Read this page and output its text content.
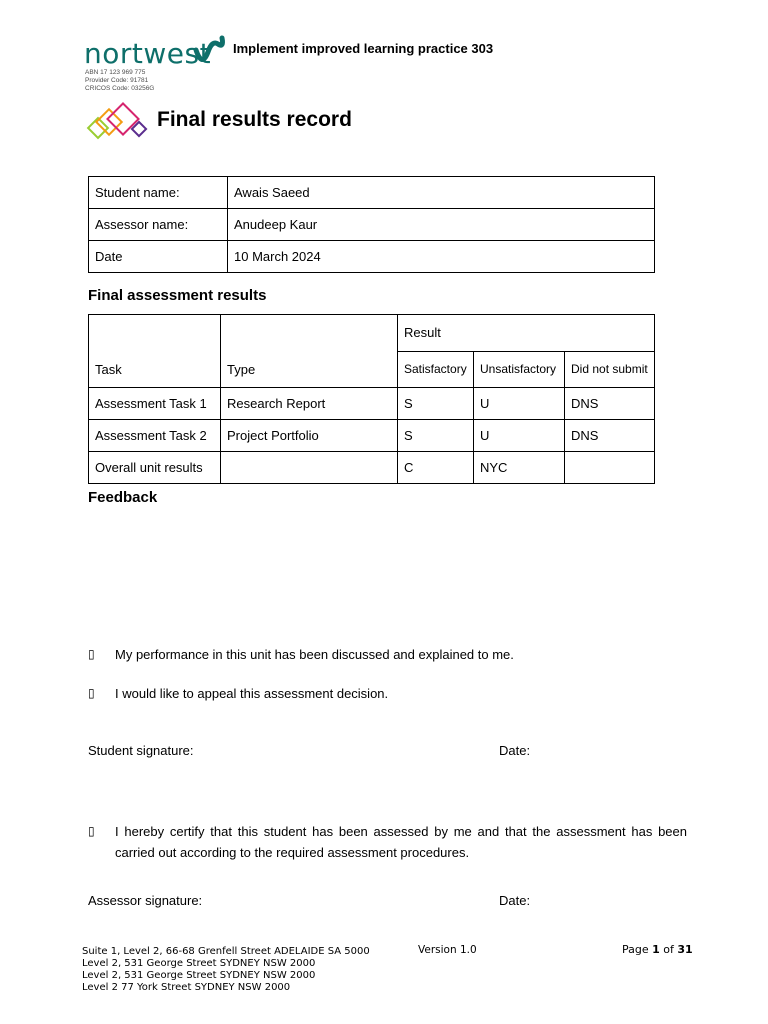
nortwest
ABN 17 123 969 775
Provider Code: 91781
CRICOS Code: 03256G
303 Implement improved learning practice
Final results record
Student name:	Awais Saeed
Assessor name:	Anudeep Kaur
Date	10 March 2024
Final assessment results
Task	Type	Result		
		Satisfactory	Unsatisfactory	Did not submit
Assessment Task 1	Research Report	S	U	DNS
Assessment Task 2	Project Portfolio	S	U	DNS
Overall unit results		C	NYC	
Feedback
▯ My performance in this unit has been discussed and explained to me.
▯ I would like to appeal this assessment decision.
Student signature:	Date:
▯ I hereby certify that this student has been assessed by me and that the assessment has been
carried out according to the required assessment procedures.
Assessor signature:	Date:
Suite 1, Level 2, 66-68 Grenfell Street ADELAIDE SA 5000
Level 2, 531 George Street SYDNEY NSW 2000
Level 2, 531 George Street SYDNEY NSW 2000
Level 2 77 York Street SYDNEY NSW 2000
Version 1.0	Page 1 of 31
